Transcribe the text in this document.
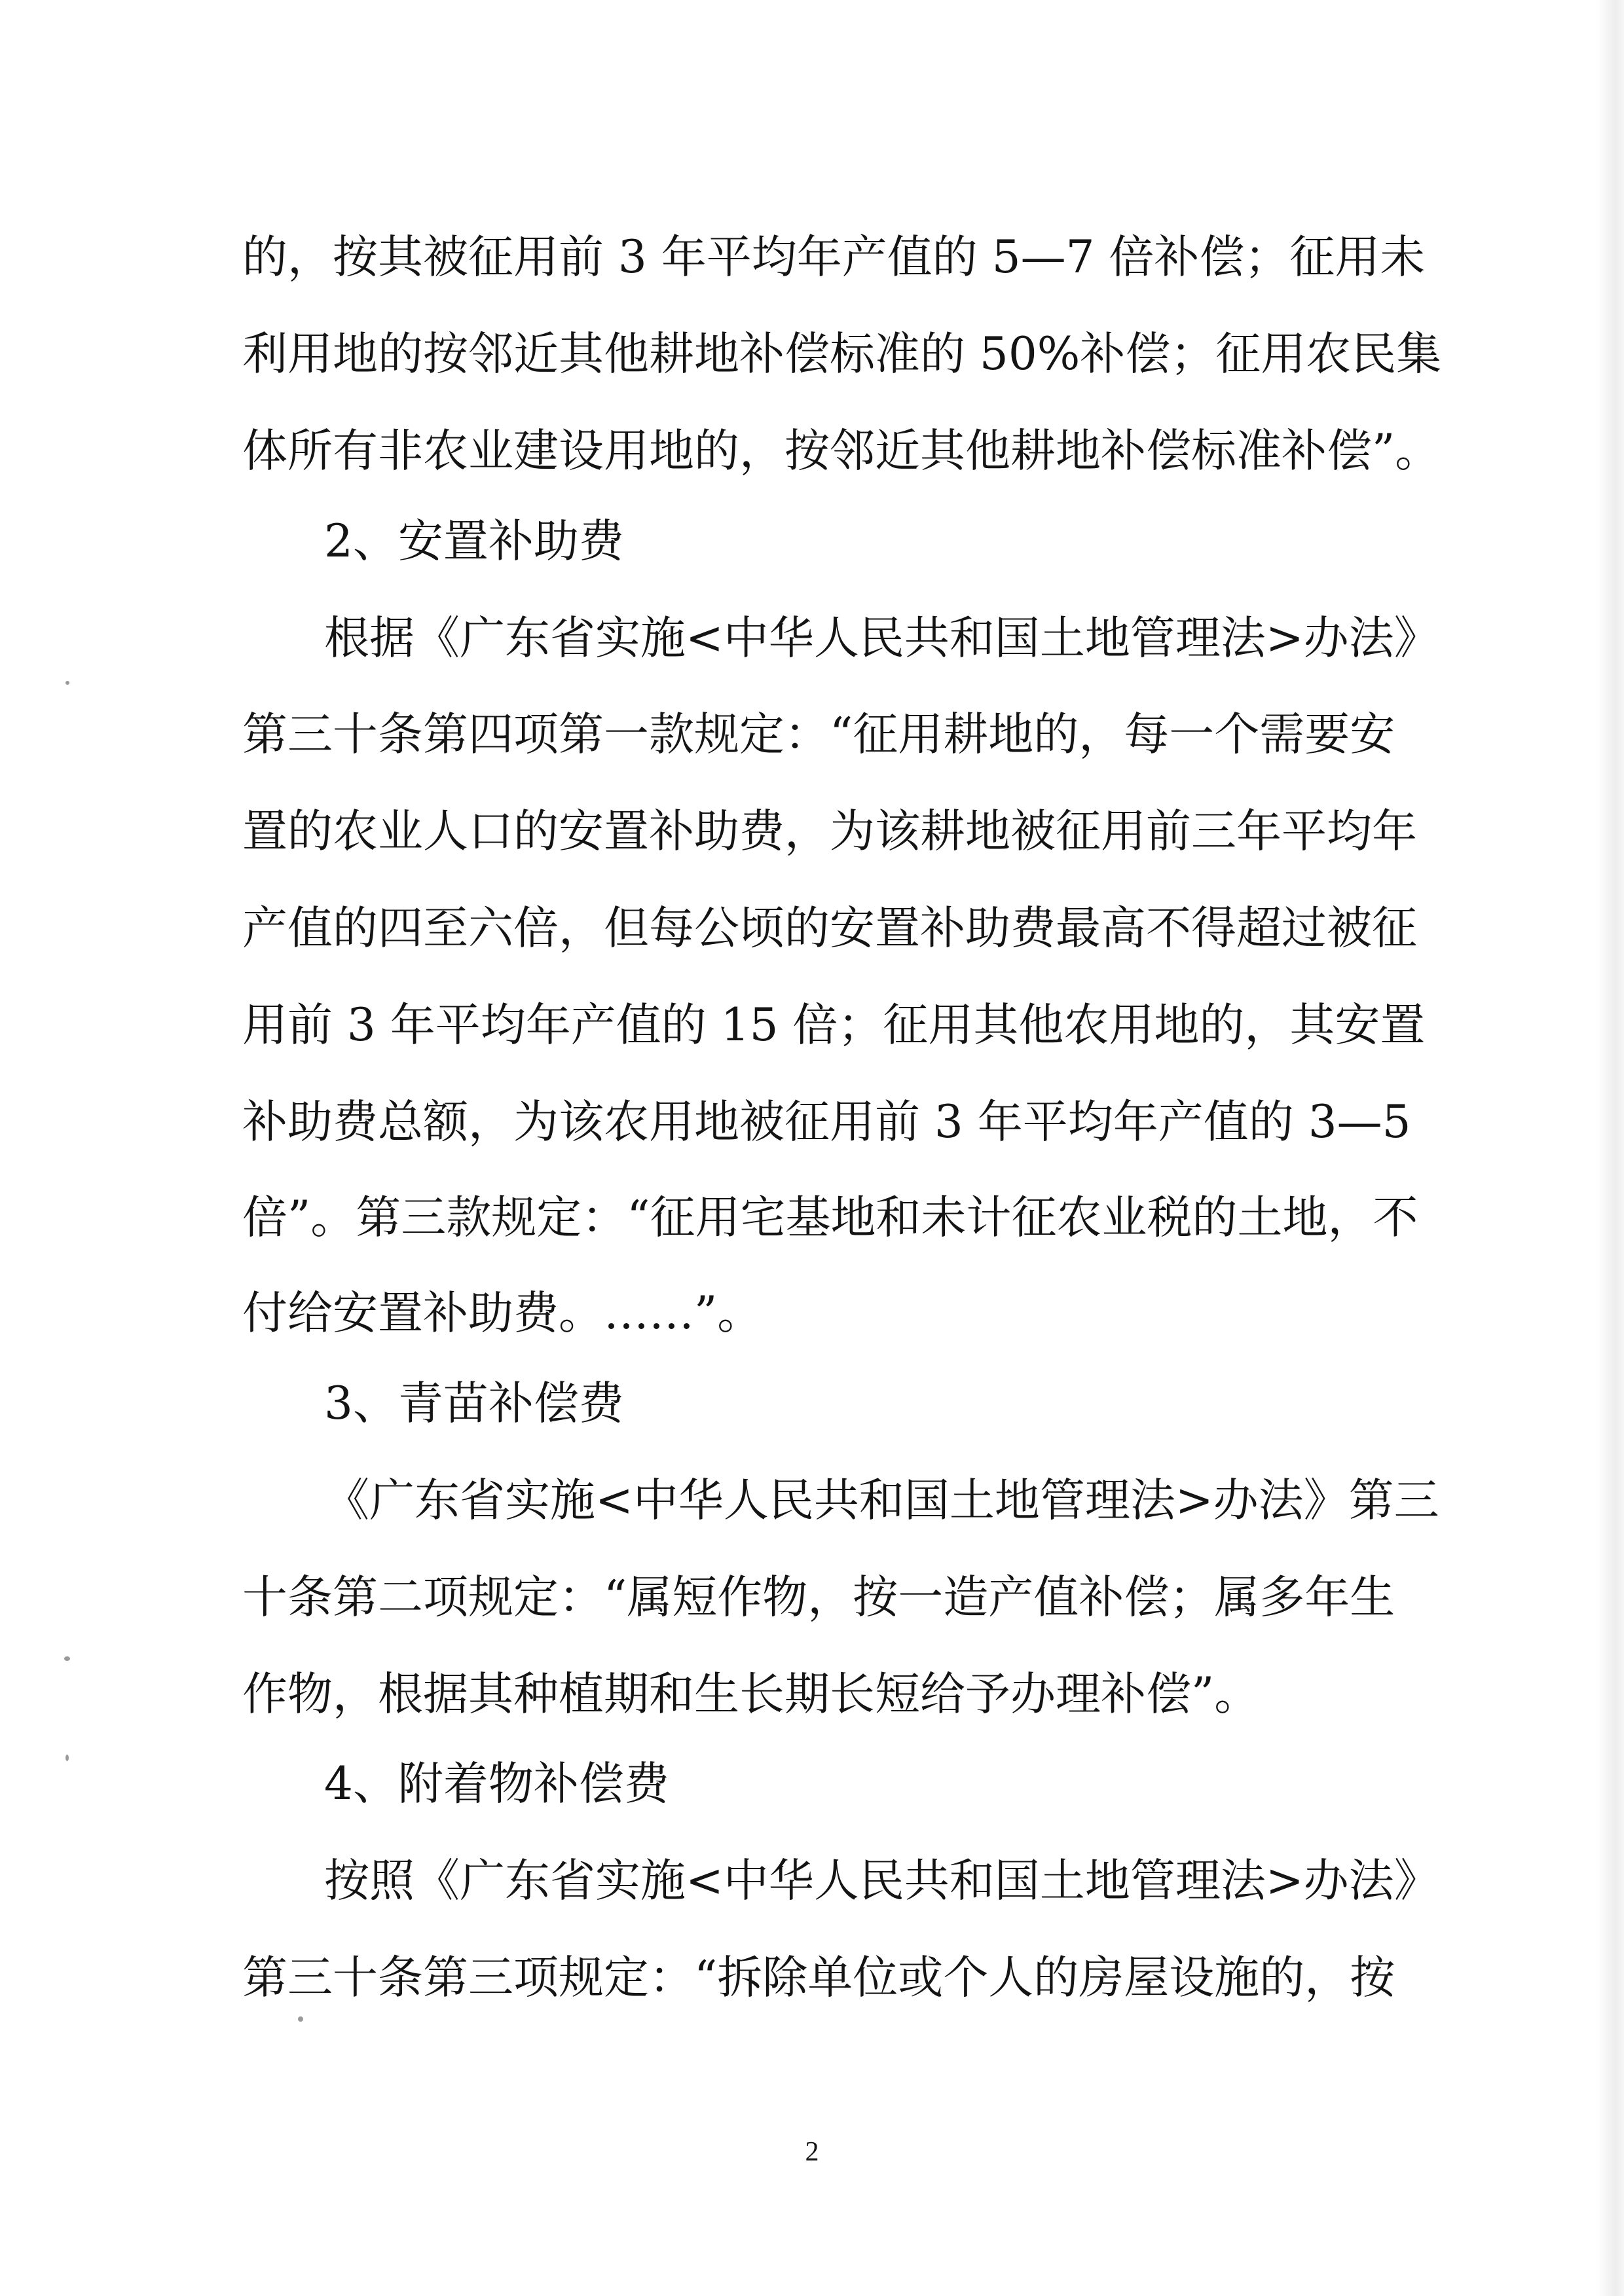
的，按其被征用前 3 年平均年产值的 5—7 倍补偿；征用未
利用地的按邻近其他耕地补偿标准的 50%补偿；征用农民集
体所有非农业建设用地的，按邻近其他耕地补偿标准补偿”。
2、安置补助费
根据《广东省实施<中华人民共和国土地管理法>办法》
第三十条第四项第一款规定：“征用耕地的，每一个需要安
置的农业人口的安置补助费，为该耕地被征用前三年平均年
产值的四至六倍，但每公顷的安置补助费最高不得超过被征
用前 3 年平均年产值的 15 倍；征用其他农用地的，其安置
补助费总额，为该农用地被征用前 3 年平均年产值的 3—5
倍”。第三款规定：“征用宅基地和未计征农业税的土地，不
付给安置补助费。……”。
3、青苗补偿费
《广东省实施<中华人民共和国土地管理法>办法》第三
十条第二项规定：“属短作物，按一造产值补偿；属多年生
作物，根据其种植期和生长期长短给予办理补偿”。
4、附着物补偿费
按照《广东省实施<中华人民共和国土地管理法>办法》
第三十条第三项规定：“拆除单位或个人的房屋设施的，按
2
